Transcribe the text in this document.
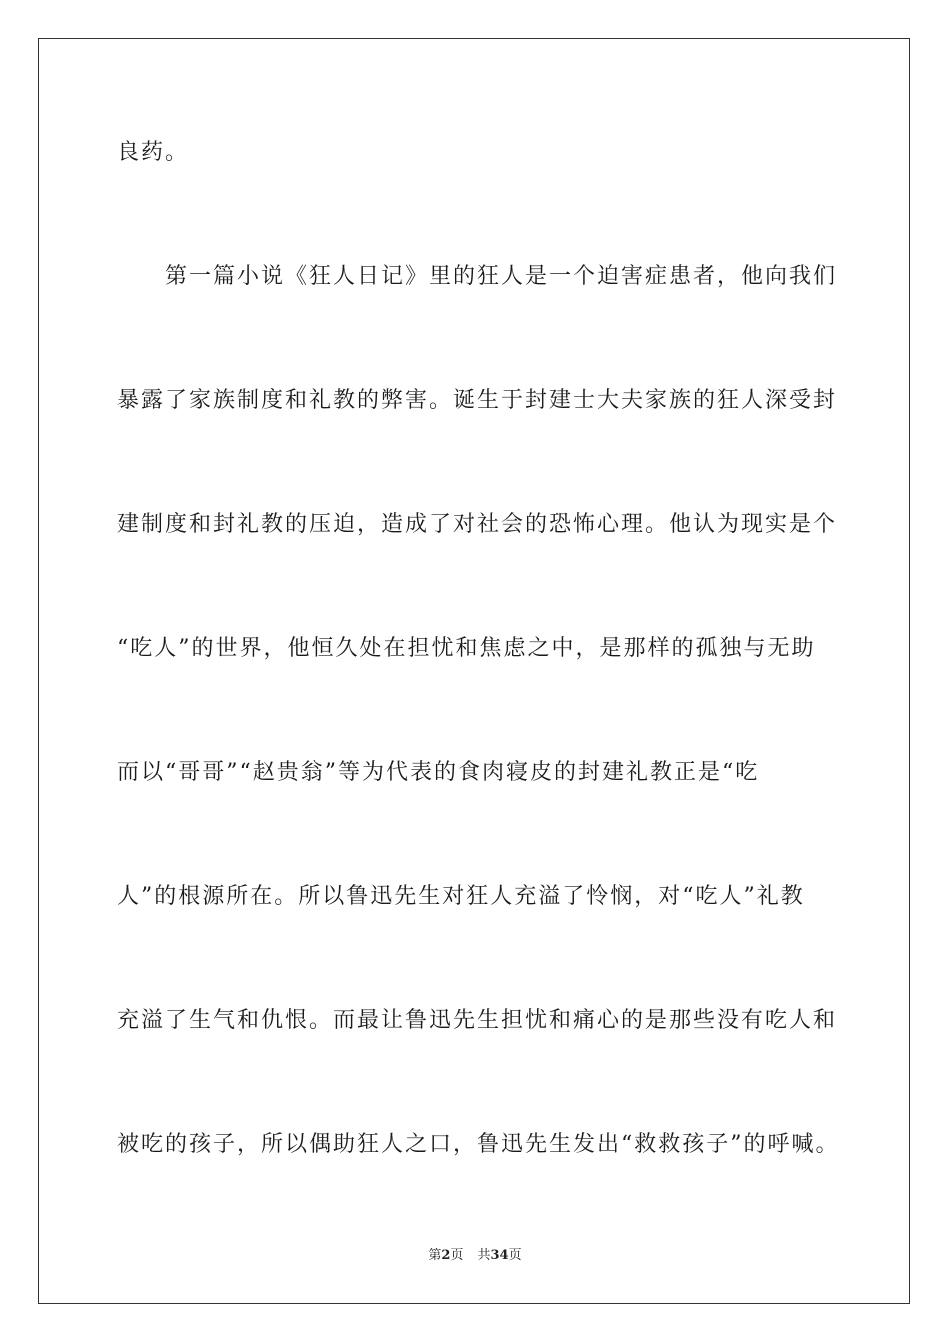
良药。
第一篇小说《狂人日记》里的狂人是一个迫害症患者，他向我们
暴露了家族制度和礼教的弊害。诞生于封建士大夫家族的狂人深受封
建制度和封礼教的压迫，造成了对社会的恐怖心理。他认为现实是个
“吃人”的世界，他恒久处在担忧和焦虑之中，是那样的孤独与无助
而以“哥哥”“赵贵翁”等为代表的食肉寝皮的封建礼教正是“吃
人”的根源所在。所以鲁迅先生对狂人充溢了怜悯，对“吃人”礼教
充溢了生气和仇恨。而最让鲁迅先生担忧和痛心的是那些没有吃人和
被吃的孩子，所以偶助狂人之口，鲁迅先生发出“救救孩子”的呼喊。
第2页 共34页
